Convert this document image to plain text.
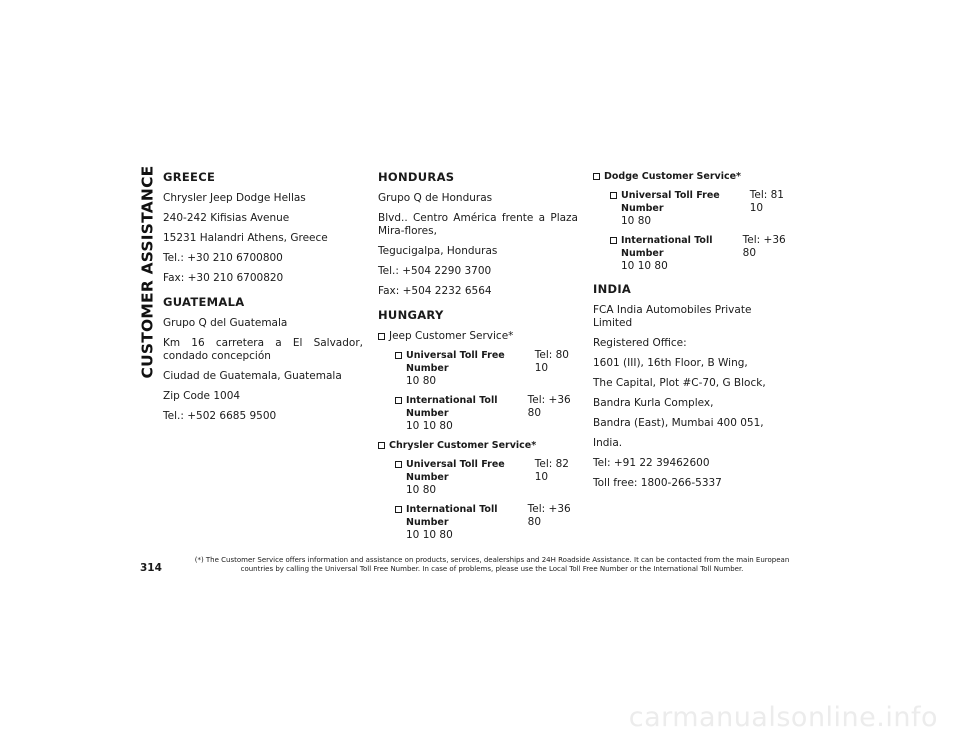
CUSTOMER ASSISTANCE GREECE
Chrysler Jeep Dodge Hellas
240-242 Kifisias Avenue
15231 Halandri Athens, Greece
Tel.: +30 210 6700800
Fax: +30 210 6700820
GUATEMALA
Grupo Q del Guatemala
Km 16 carretera a El Salvador, condado concepción
Ciudad de Guatemala, Guatemala
Zip Code 1004
Tel.: +502 6685 9500
HONDURAS
Grupo Q de Honduras
Blvd.. Centro América frente a Plaza Mira-flores,
Tegucigalpa, Honduras
Tel.: +504 2290 3700
Fax: +504 2232 6564
HUNGARY
Jeep Customer Service*
Universal Toll Free Number
Tel: 80 10
10 80
International Toll Number
Tel: +36 80
10 10 80
Chrysler Customer Service*
Universal Toll Free Number
Tel: 82 10
10 80
International Toll Number
Tel: +36 80
10 10 80
Dodge Customer Service*
Universal Toll Free Number
Tel: 81 10
10 80
International Toll Number
Tel: +36 80
10 10 80
INDIA
FCA India Automobiles Private Limited
Registered Office:
1601 (III), 16th Floor, B Wing,
The Capital, Plot #C-70, G Block,
Bandra Kurla Complex,
Bandra (East), Mumbai 400 051,
India.
Tel: +91 22 39462600
Toll free: 1800-266-5337
314
(*) The Customer Service offers information and assistance on products, services, dealerships and 24H Roadside Assistance. It can be contacted from the main European countries by calling the Universal Toll Free Number. In case of problems, please use the Local Toll Free Number or the International Toll Number.
carmanualsonline.info
